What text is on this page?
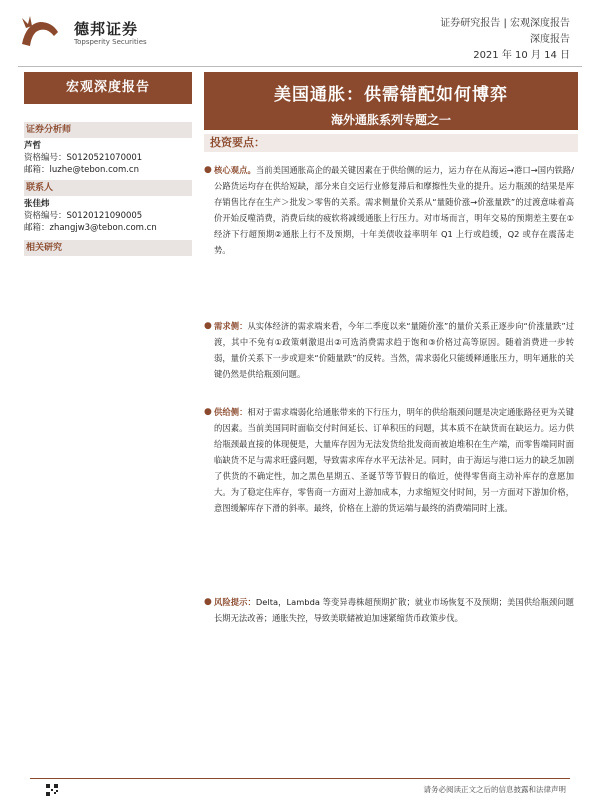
德邦证券
Topsperity Securities
证券研究报告 | 宏观深度报告
深度报告
2021 年 10 月 14 日
宏观深度报告
证券分析师
芦哲
资格编号：S0120521070001
邮箱：luzhe@tebon.com.cn
联系人
张佳炜
资格编号：S0120121090005
邮箱：zhangjw3@tebon.com.cn
相关研究
美国通胀：供需错配如何博弈
海外通胀系列专题之一
投资要点：
● 核心观点。当前美国通胀高企的最关键因素在于供给侧的运力，运力存在从海运→港口→国内铁路/公路货运均存在供给短缺，部分来自交运行业修复滞后和摩擦性失业的提升。运力瓶颈的结果是库存销售比存在生产＞批发＞零售的关系。需求侧量价关系从“量随价涨→价涨量跌”的过渡意味着高价开始反噬消费，消费后续的疲软将减缓通胀上行压力。对市场而言，明年交易的预期差主要在①经济下行超预期②通胀上行不及预期，十年美债收益率明年 Q1 上行或趋缓，Q2 或存在震荡走势。
● 需求侧：从实体经济的需求端来看，今年二季度以来“量随价涨”的量价关系正逐步向“价涨量跌”过渡，其中不免有①政策刺激退出②可选消费需求趋于饱和③价格过高等原因。随着消费进一步转弱，量价关系下一步或迎来“价随量跌”的反转。当然，需求弱化只能缓释通胀压力，明年通胀的关键仍然是供给瓶颈问题。
● 供给侧：相对于需求端弱化给通胀带来的下行压力，明年的供给瓶颈问题是决定通胀路径更为关键的因素。当前美国同时面临交付时间延长、订单积压的问题，其本质不在缺货而在缺运力。运力供给瓶颈最直接的体现便是，大量库存因为无法发货给批发商而被迫堆积在生产端，而零售端同时面临缺货不足与需求旺盛问题，导致需求库存水平无法补足。同时，由于海运与港口运力的缺乏加剧了供货的不确定性，加之黑色星期五、圣诞节等节假日的临近，使得零售商主动补库存的意愿加大。为了稳定住库存，零售商一方面对上游加成本，力求缩短交付时间，另一方面对下游加价格，意图缓解库存下滑的斜率。最终，价格在上游的货运端与最终的消费端同时上涨。
● 风险提示：Delta，Lambda 等变异毒株超预期扩散；就业市场恢复不及预期；美国供给瓶颈问题长期无法改善；通胀失控，导致美联储被迫加速紧缩货币政策步伐。
请务必阅读正文之后的信息披露和法律声明
